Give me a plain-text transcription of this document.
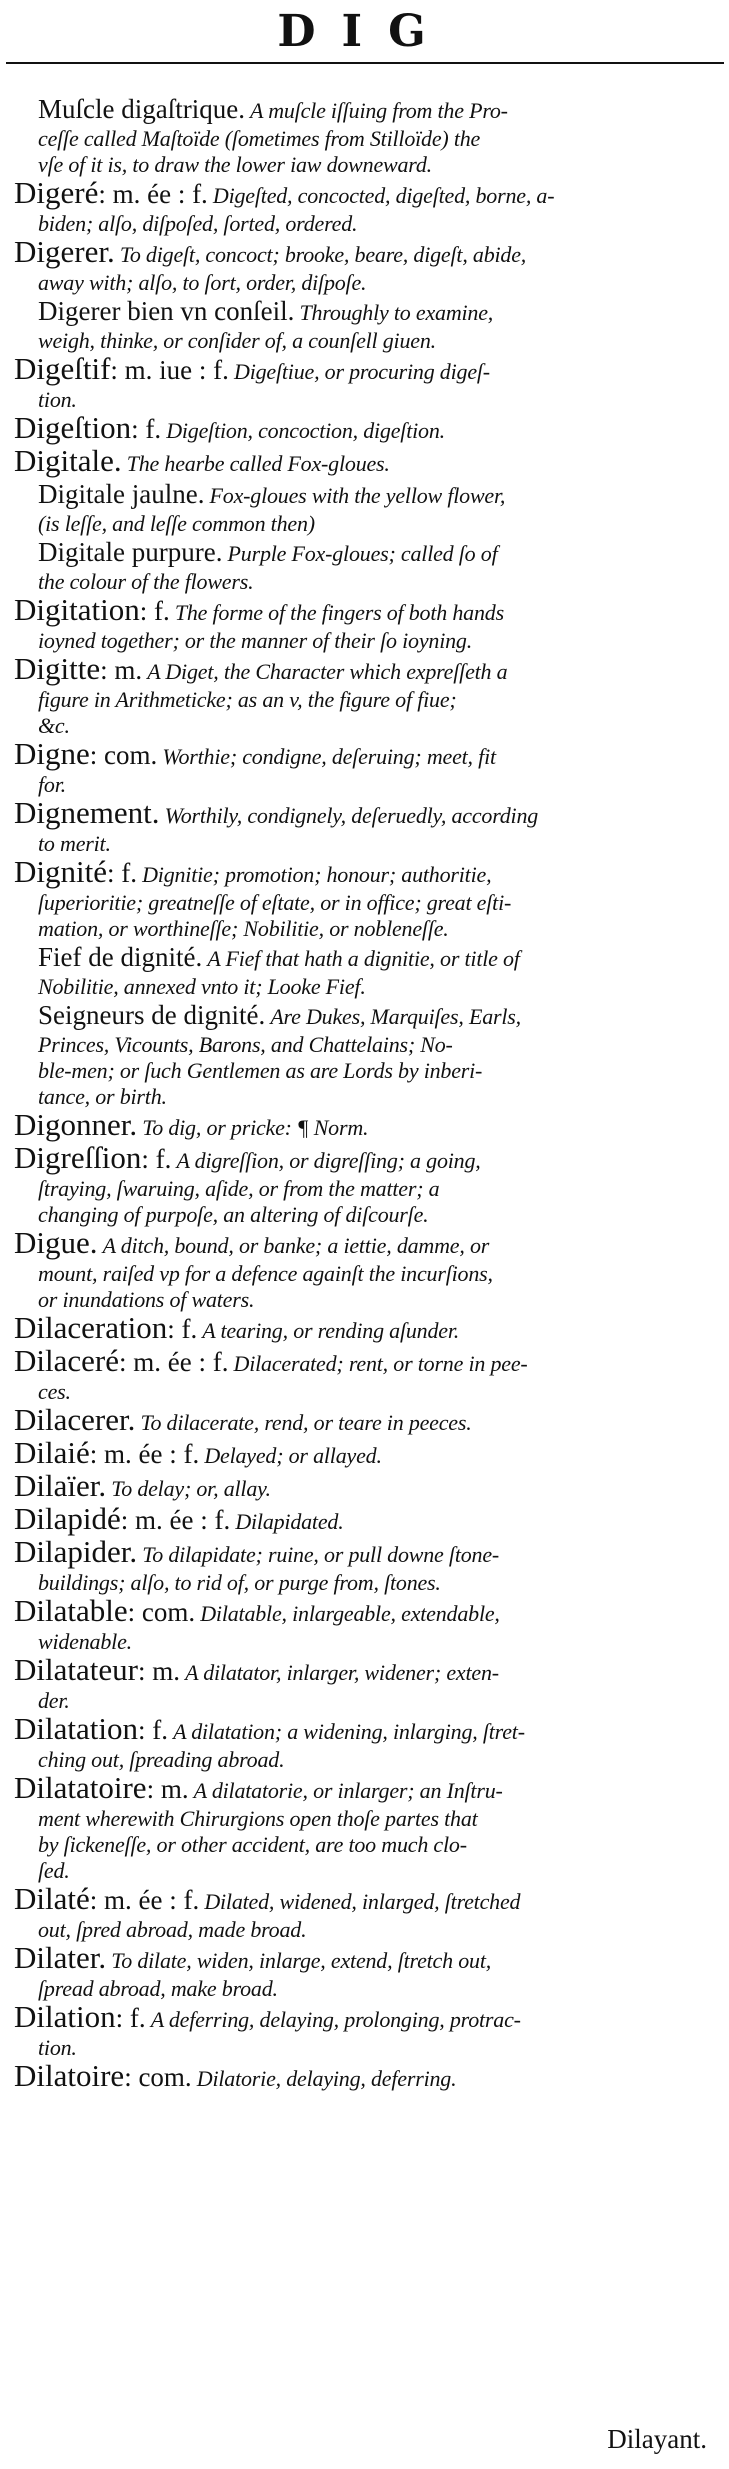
DIG
Muſcle digaſtrique. A muſcle iſſuing from the Pro-
ceſſe called Maſtoïde (ſometimes from Stilloïde) the
vſe of it is, to draw the lower iaw downeward.
Digeré: m. ée : f. Digeſted, concocted, digeſted, borne, a-
biden; alſo, diſpoſed, ſorted, ordered.
Digerer. To digeſt, concoct; brooke, beare, digeſt, abide,
away with; alſo, to ſort, order, diſpoſe.
Digerer bien vn conſeil. Throughly to examine,
weigh, thinke, or conſider of, a counſell giuen.
Digeſtif: m. iue : f. Digeſtiue, or procuring digeſ-
tion.
Digeſtion: f. Digeſtion, concoction, digeſtion.
Digitale. The hearbe called Fox-gloues.
Digitale jaulne. Fox-gloues with the yellow flower,
(is leſſe, and leſſe common then)
Digitale purpure. Purple Fox-gloues; called ſo of
the colour of the flowers.
Digitation: f. The forme of the fingers of both hands
ioyned together; or the manner of their ſo ioyning.
Digitte: m. A Diget, the Character which expreſſeth a
figure in Arithmeticke; as an v, the figure of fiue;
&c.
Digne: com. Worthie; condigne, deſeruing; meet, fit
for.
Dignement. Worthily, condignely, deſeruedly, according
to merit.
Dignité: f. Dignitie; promotion; honour; authoritie,
ſuperioritie; greatneſſe of eſtate, or in office; great eſti-
mation, or worthineſſe; Nobilitie, or nobleneſſe.
Fief de dignité. A Fief that hath a dignitie, or title of
Nobilitie, annexed vnto it; Looke Fief.
Seigneurs de dignité. Are Dukes, Marquiſes, Earls,
Princes, Vicounts, Barons, and Chattelains; No-
ble-men; or ſuch Gentlemen as are Lords by inberi-
tance, or birth.
Digonner. To dig, or pricke: ¶ Norm.
Digreſſion: f. A digreſſion, or digreſſing; a going,
ſtraying, ſwaruing, aſide, or from the matter; a
changing of purpoſe, an altering of diſcourſe.
Digue. A ditch, bound, or banke; a iettie, damme, or
mount, raiſed vp for a defence againſt the incurſions,
or inundations of waters.
Dilaceration: f. A tearing, or rending aſunder.
Dilaceré: m. ée : f. Dilacerated; rent, or torne in pee-
ces.
Dilacerer. To dilacerate, rend, or teare in peeces.
Dilaié: m. ée : f. Delayed; or allayed.
Dilaïer. To delay; or, allay.
Dilapidé: m. ée : f. Dilapidated.
Dilapider. To dilapidate; ruine, or pull downe ſtone-
buildings; alſo, to rid of, or purge from, ſtones.
Dilatable: com. Dilatable, inlargeable, extendable,
widenable.
Dilatateur: m. A dilatator, inlarger, widener; exten-
der.
Dilatation: f. A dilatation; a widening, inlarging, ſtret-
ching out, ſpreading abroad.
Dilatatoire: m. A dilatatorie, or inlarger; an Inſtru-
ment wherewith Chirurgions open thoſe partes that
by ſickeneſſe, or other accident, are too much clo-
ſed.
Dilaté: m. ée : f. Dilated, widened, inlarged, ſtretched
out, ſpred abroad, made broad.
Dilater. To dilate, widen, inlarge, extend, ſtretch out,
ſpread abroad, make broad.
Dilation: f. A deferring, delaying, prolonging, protrac-
tion.
Dilatoire: com. Dilatorie, delaying, deferring.
Dilayant.
